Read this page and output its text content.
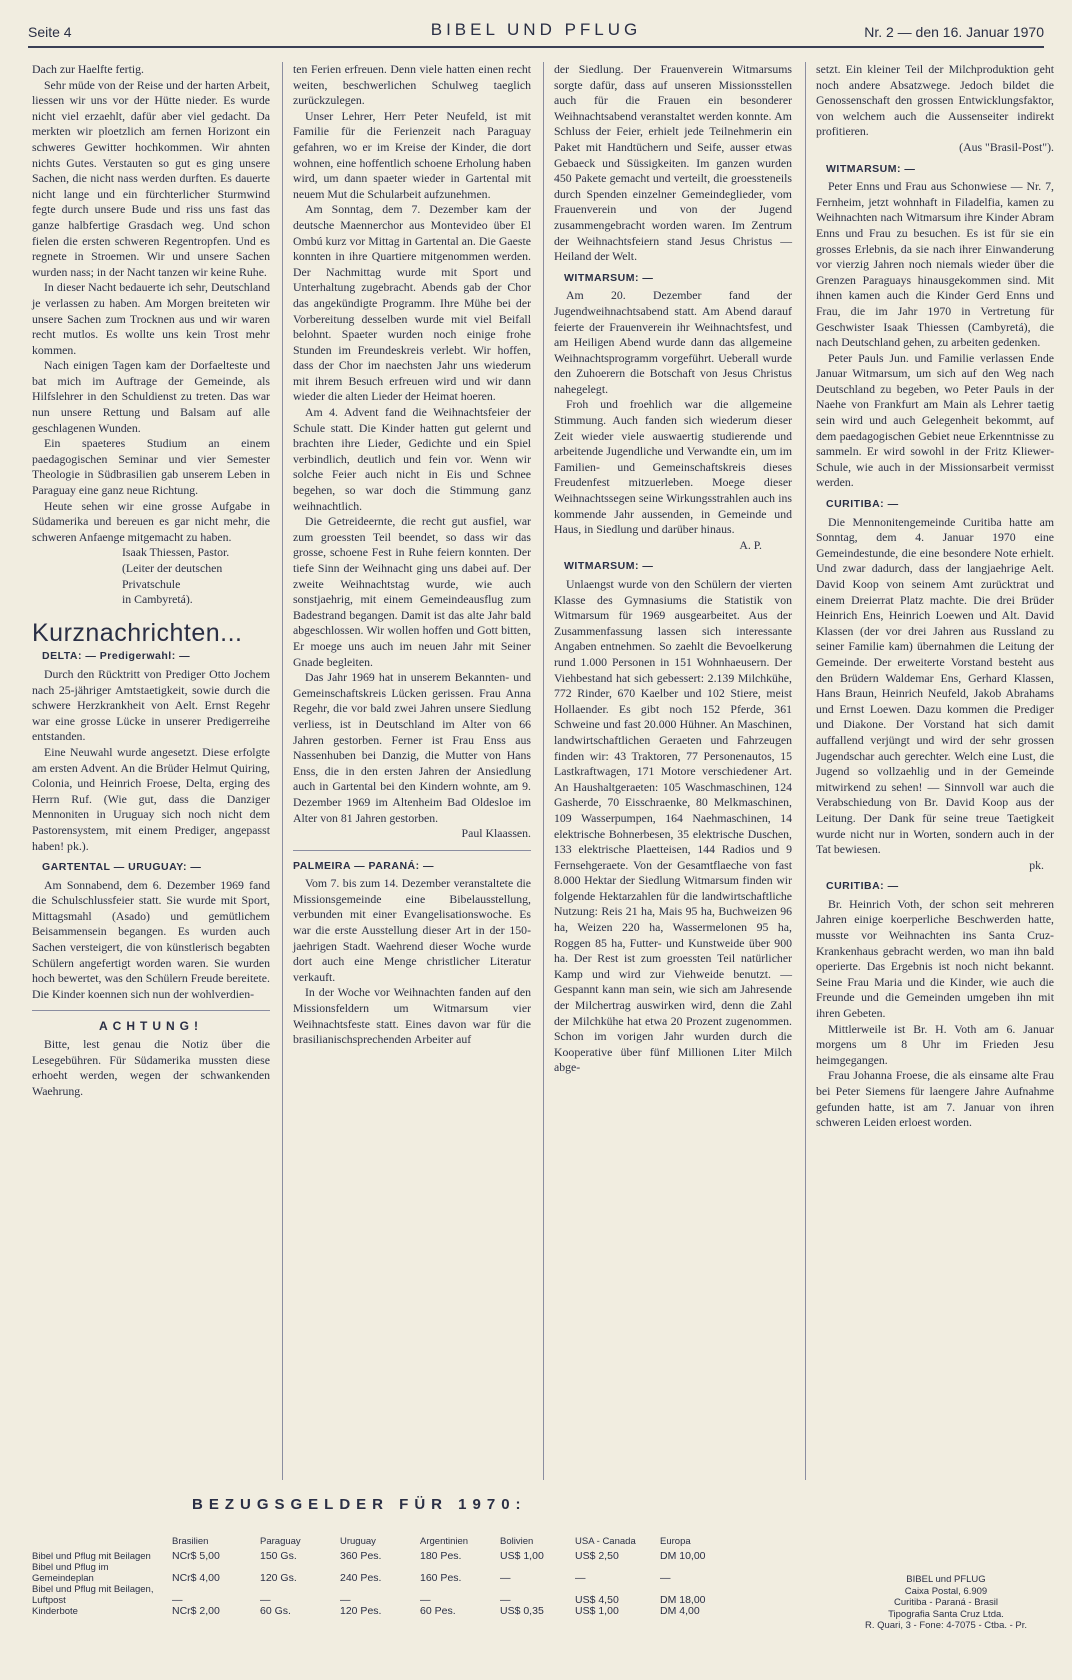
Seite 4	BIBEL UND PFLUG	Nr. 2 — den 16. Januar 1970

Dach zur Haelfte fertig.

Sehr müde von der Reise und der harten Arbeit, liessen wir uns vor der Hütte nieder. Es wurde nicht viel erzaehlt, dafür aber viel gedacht. Da merkten wir ploetzlich am fernen Horizont ein schweres Gewitter hochkommen. Wir ahnten nichts Gutes. Verstauten so gut es ging unsere Sachen, die nicht nass werden durften. Es dauerte nicht lange und ein fürchterlicher Sturmwind fegte durch unsere Bude und riss uns fast das ganze halbfertige Grasdach weg. Und schon fielen die ersten schweren Regentropfen. Und es regnete in Stroemen. Wir und unsere Sachen wurden nass; in der Nacht tanzen wir keine Ruhe.

In dieser Nacht bedauerte ich sehr, Deutschland je verlassen zu haben. Am Morgen breiteten wir unsere Sachen zum Trocknen aus und wir waren recht mutlos. Es wollte uns kein Trost mehr kommen.

Nach einigen Tagen kam der Dorfaelteste und bat mich im Auftrage der Gemeinde, als Hilfslehrer in den Schuldienst zu treten. Das war nun unsere Rettung und Balsam auf alle geschlagenen Wunden.

Ein spaeteres Studium an einem paedagogischen Seminar und vier Semester Theologie in Südbrasilien gab unserem Leben in Paraguay eine ganz neue Richtung.

Heute sehen wir eine grosse Aufgabe in Südamerika und bereuen es gar nicht mehr, die schweren Anfaenge mitgemacht zu haben.

Isaak Thiessen, Pastor.

(Leiter der deutschen Privatschule

in Cambyretá).

Kurznachrichten...
DELTA: — Predigerwahl: —

Durch den Rücktritt von Prediger Otto Jochem nach 25-jähriger Amtstaetigkeit, sowie durch die schwere Herzkrankheit von Aelt. Ernst Regehr war eine grosse Lücke in unserer Predigerreihe entstanden.

Eine Neuwahl wurde angesetzt. Diese erfolgte am ersten Advent. An die Brüder Helmut Quiring, Colonia, und Heinrich Froese, Delta, erging des Herrn Ruf. (Wie gut, dass die Danziger Mennoniten in Uruguay sich noch nicht dem Pastorensystem, mit einem Prediger, angepasst haben! pk.).

GARTENTAL — URUGUAY: —

Am Sonnabend, dem 6. Dezember 1969 fand die Schulschlussfeier statt. Sie wurde mit Sport, Mittagsmahl (Asado) und gemütlichem Beisammensein begangen. Es wurden auch Sachen versteigert, die von künstlerisch begabten Schülern angefertigt worden waren. Sie wurden hoch bewertet, was den Schülern Freude bereitete. Die Kinder koennen sich nun der wohlverdien-

ACHTUNG!

Bitte, lest genau die Notiz über die Lesegebühren. Für Südamerika mussten diese erhoeht werden, wegen der schwankenden Waehrung.

ten Ferien erfreuen. Denn viele hatten einen recht weiten, beschwerlichen Schulweg taeglich zurückzulegen.

Unser Lehrer, Herr Peter Neufeld, ist mit Familie für die Ferienzeit nach Paraguay gefahren, wo er im Kreise der Kinder, die dort wohnen, eine hoffentlich schoene Erholung haben wird, um dann spaeter wieder in Gartental mit neuem Mut die Schularbeit aufzunehmen.

Am Sonntag, dem 7. Dezember kam der deutsche Maennerchor aus Montevideo über El Ombú kurz vor Mittag in Gartental an. Die Gaeste konnten in ihre Quartiere mitgenommen werden. Der Nachmittag wurde mit Sport und Unterhaltung zugebracht. Abends gab der Chor das angekündigte Programm. Ihre Mühe bei der Vorbereitung desselben wurde mit viel Beifall belohnt. Spaeter wurden noch einige frohe Stunden im Freundeskreis verlebt. Wir hoffen, dass der Chor im naechsten Jahr uns wiederum mit ihrem Besuch erfreuen wird und wir dann wieder die alten Lieder der Heimat hoeren.

Am 4. Advent fand die Weihnachtsfeier der Schule statt. Die Kinder hatten gut gelernt und brachten ihre Lieder, Gedichte und ein Spiel verbindlich, deutlich und fein vor. Wenn wir solche Feier auch nicht in Eis und Schnee begehen, so war doch die Stimmung ganz weihnachtlich.

Die Getreideernte, die recht gut ausfiel, war zum groessten Teil beendet, so dass wir das grosse, schoene Fest in Ruhe feiern konnten. Der tiefe Sinn der Weihnacht ging uns dabei auf. Der zweite Weihnachtstag wurde, wie auch sonstjaehrig, mit einem Gemeindeausflug zum Badestrand begangen. Damit ist das alte Jahr bald abgeschlossen. Wir wollen hoffen und Gott bitten, Er moege uns auch im neuen Jahr mit Seiner Gnade begleiten.

Das Jahr 1969 hat in unserem Bekannten- und Gemeinschaftskreis Lücken gerissen. Frau Anna Regehr, die vor bald zwei Jahren unsere Siedlung verliess, ist in Deutschland im Alter von 66 Jahren gestorben. Ferner ist Frau Enss aus Nassenhuben bei Danzig, die Mutter von Hans Enss, die in den ersten Jahren der Ansiedlung auch in Gartental bei den Kindern wohnte, am 9. Dezember 1969 im Altenheim Bad Oldesloe im Alter von 81 Jahren gestorben.

Paul Klaassen.

PALMEIRA — PARANÁ: —

Vom 7. bis zum 14. Dezember veranstaltete die Missionsgemeinde eine Bibelausstellung, verbunden mit einer Evangelisationswoche. Es war die erste Ausstellung dieser Art in der 150-jaehrigen Stadt. Waehrend dieser Woche wurde dort auch eine Menge christlicher Literatur verkauft.

In der Woche vor Weihnachten fanden auf den Missionsfeldern um Witmarsum vier Weihnachtsfeste statt. Eines davon war für die brasilianischsprechenden Arbeiter auf

der Siedlung. Der Frauenverein Witmarsums sorgte dafür, dass auf unseren Missionsstellen auch für die Frauen ein besonderer Weihnachtsabend veranstaltet werden konnte. Am Schluss der Feier, erhielt jede Teilnehmerin ein Paket mit Handtüchern und Seife, ausser etwas Gebaeck und Süssigkeiten. Im ganzen wurden 450 Pakete gemacht und verteilt, die groessteneils durch Spenden einzelner Gemeindeglieder, vom Frauenverein und von der Jugend zusammengebracht worden waren. Im Zentrum der Weihnachtsfeiern stand Jesus Christus — Heiland der Welt.

WITMARSUM: —

Am 20. Dezember fand der Jugendweihnachtsabend statt. Am Abend darauf feierte der Frauenverein ihr Weihnachtsfest, und am Heiligen Abend wurde dann das allgemeine Weihnachtsprogramm vorgeführt. Ueberall wurde den Zuhoerern die Botschaft von Jesus Christus nahegelegt.

Froh und froehlich war die allgemeine Stimmung. Auch fanden sich wiederum dieser Zeit wieder viele auswaertig studierende und arbeitende Jugendliche und Verwandte ein, um im Familien- und Gemeinschaftskreis dieses Freudenfest mitzuerleben. Moege dieser Weihnachtssegen seine Wirkungsstrahlen auch ins kommende Jahr aussenden, in Gemeinde und Haus, in Siedlung und darüber hinaus.

A. P.

WITMARSUM: —

Unlaengst wurde von den Schülern der vierten Klasse des Gymnasiums die Statistik von Witmarsum für 1969 ausgearbeitet. Aus der Zusammenfassung lassen sich interessante Angaben entnehmen. So zaehlt die Bevoelkerung rund 1.000 Personen in 151 Wohnhaeusern. Der Viehbestand hat sich gebessert: 2.139 Milchkühe, 772 Rinder, 670 Kaelber und 102 Stiere, meist Hollaender. Es gibt noch 152 Pferde, 361 Schweine und fast 20.000 Hühner. An Maschinen, landwirtschaftlichen Geraeten und Fahrzeugen finden wir: 43 Traktoren, 77 Personenautos, 15 Lastkraftwagen, 171 Motore verschiedener Art. An Haushaltgeraeten: 105 Waschmaschinen, 124 Gasherde, 70 Eisschraenke, 80 Melkmaschinen, 109 Wasserpumpen, 164 Naehmaschinen, 14 elektrische Bohnerbesen, 35 elektrische Duschen, 133 elektrische Plaetteisen, 144 Radios und 9 Fernsehgeraete. Von der Gesamtflaeche von fast 8.000 Hektar der Siedlung Witmarsum finden wir folgende Hektarzahlen für die landwirtschaftliche Nutzung: Reis 21 ha, Mais 95 ha, Buchweizen 96 ha, Weizen 220 ha, Wassermelonen 95 ha, Roggen 85 ha, Futter- und Kunstweide über 900 ha. Der Rest ist zum groessten Teil natürlicher Kamp und wird zur Viehweide benutzt. — Gespannt kann man sein, wie sich am Jahresende der Milchertrag auswirken wird, denn die Zahl der Milchkühe hat etwa 20 Prozent zugenommen. Schon im vorigen Jahr wurden durch die Kooperative über fünf Millionen Liter Milch abge-

setzt. Ein kleiner Teil der Milchproduktion geht noch andere Absatzwege. Jedoch bildet die Genossenschaft den grossen Entwicklungsfaktor, von welchem auch die Aussenseiter indirekt profitieren.

(Aus "Brasil-Post").

WITMARSUM: —

Peter Enns und Frau aus Schonwiese — Nr. 7, Fernheim, jetzt wohnhaft in Filadelfia, kamen zu Weihnachten nach Witmarsum ihre Kinder Abram Enns und Frau zu besuchen. Es ist für sie ein grosses Erlebnis, da sie nach ihrer Einwanderung vor vierzig Jahren noch niemals wieder über die Grenzen Paraguays hinausgekommen sind. Mit ihnen kamen auch die Kinder Gerd Enns und Frau, die im Jahr 1970 in Vertretung für Geschwister Isaak Thiessen (Cambyretá), die nach Deutschland gehen, zu arbeiten gedenken.

Peter Pauls Jun. und Familie verlassen Ende Januar Witmarsum, um sich auf den Weg nach Deutschland zu begeben, wo Peter Pauls in der Naehe von Frankfurt am Main als Lehrer taetig sein wird und auch Gelegenheit bekommt, auf dem paedagogischen Gebiet neue Erkenntnisse zu sammeln. Er wird sowohl in der Fritz Kliewer-Schule, wie auch in der Missionsarbeit vermisst werden.

CURITIBA: —

Die Mennonitengemeinde Curitiba hatte am Sonntag, dem 4. Januar 1970 eine Gemeindestunde, die eine besondere Note erhielt. Und zwar dadurch, dass der langjaehrige Aelt. David Koop von seinem Amt zurücktrat und einem Dreierrat Platz machte. Die drei Brüder Heinrich Ens, Heinrich Loewen und Alt. David Klassen (der vor drei Jahren aus Russland zu seiner Familie kam) übernahmen die Leitung der Gemeinde. Der erweiterte Vorstand besteht aus den Brüdern Waldemar Ens, Gerhard Klassen, Hans Braun, Heinrich Neufeld, Jakob Abrahams und Ernst Loewen. Dazu kommen die Prediger und Diakone. Der Vorstand hat sich damit auffallend verjüngt und wird der sehr grossen Jugendschar auch gerechter. Welch eine Lust, die Jugend so vollzaehlig und in der Gemeinde mitwirkend zu sehen! — Sinnvoll war auch die Verabschiedung von Br. David Koop aus der Leitung. Der Dank für seine treue Taetigkeit wurde nicht nur in Worten, sondern auch in der Tat bewiesen.

pk.

CURITIBA: —

Br. Heinrich Voth, der schon seit mehreren Jahren einige koerperliche Beschwerden hatte, musste vor Weihnachten ins Santa Cruz-Krankenhaus gebracht werden, wo man ihn bald operierte. Das Ergebnis ist noch nicht bekannt. Seine Frau Maria und die Kinder, wie auch die Freunde und die Gemeinden umgeben ihn mit ihren Gebeten.

Mittlerweile ist Br. H. Voth am 6. Januar morgens um 8 Uhr im Frieden Jesu heimgegangen.

Frau Johanna Froese, die als einsame alte Frau bei Peter Siemens für laengere Jahre Aufnahme gefunden hatte, ist am 7. Januar von ihren schweren Leiden erloest worden.

BEZUGSGELDER FÜR 1970:
	Brasilien	Paraguay	Uruguay	Argentinien	Bolivien	USA - Canada	Europa
Bibel und Pflug mit Beilagen	NCr$ 5,00	150 Gs.	360 Pes.	180 Pes.	US$ 1,00	US$ 2,50	DM 10,00
Bibel und Pflug im Gemeindeplan	NCr$ 4,00	120 Gs.	240 Pes.	160 Pes.	—	—	—
Bibel und Pflug mit Beilagen, Luftpost	—	—	—	—	—	US$ 4,50	DM 18,00
Kinderbote	NCr$ 2,00	60 Gs.	120 Pes.	60 Pes.	US$ 0,35	US$ 1,00	DM 4,00
BIBEL und PFLUG
Caixa Postal, 6.909
Curitiba - Paraná - Brasil
Tipografia Santa Cruz Ltda.
R. Quari, 3 - Fone: 4-7075 - Ctba. - Pr.
